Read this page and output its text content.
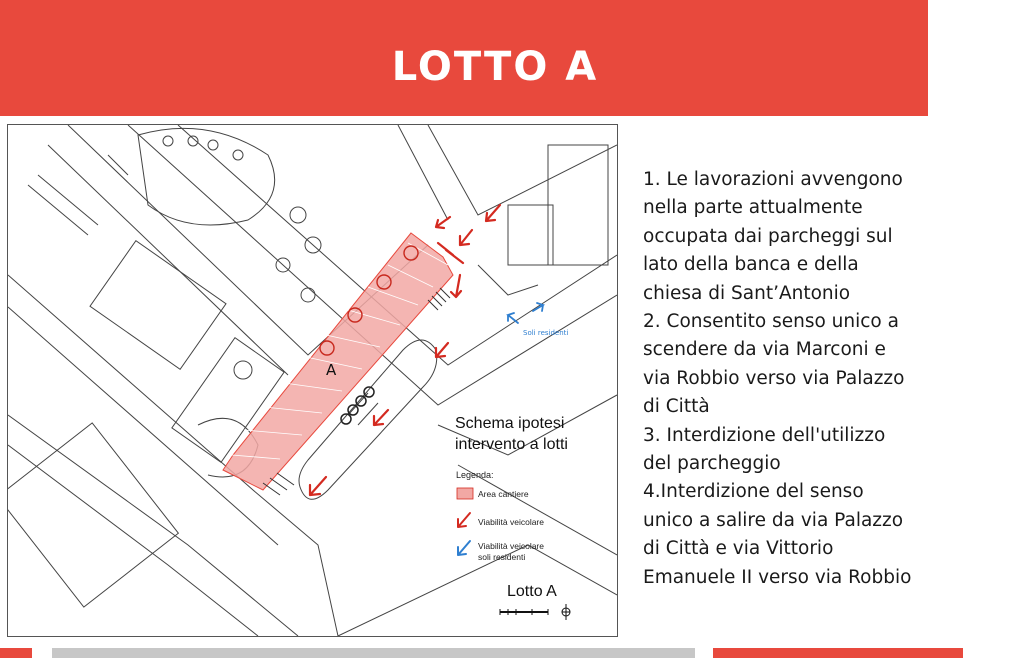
LOTTO A
Soli residenti
A
Schema ipotesi
intervento a lotti
Legenda:
Area cantiere
Viabilità veicolare
Viabilità veicolare
soli residenti
Lotto A
1. Le lavorazioni avvengono
nella parte attualmente
occupata dai parcheggi sul
lato della banca e della
chiesa di Sant’Antonio
2. Consentito senso unico a
scendere da via Marconi e
via Robbio verso via Palazzo
di Città
3. Interdizione dell'utilizzo
del parcheggio
4.Interdizione del senso
unico a salire da via Palazzo
di Città e via Vittorio
Emanuele II verso via Robbio
